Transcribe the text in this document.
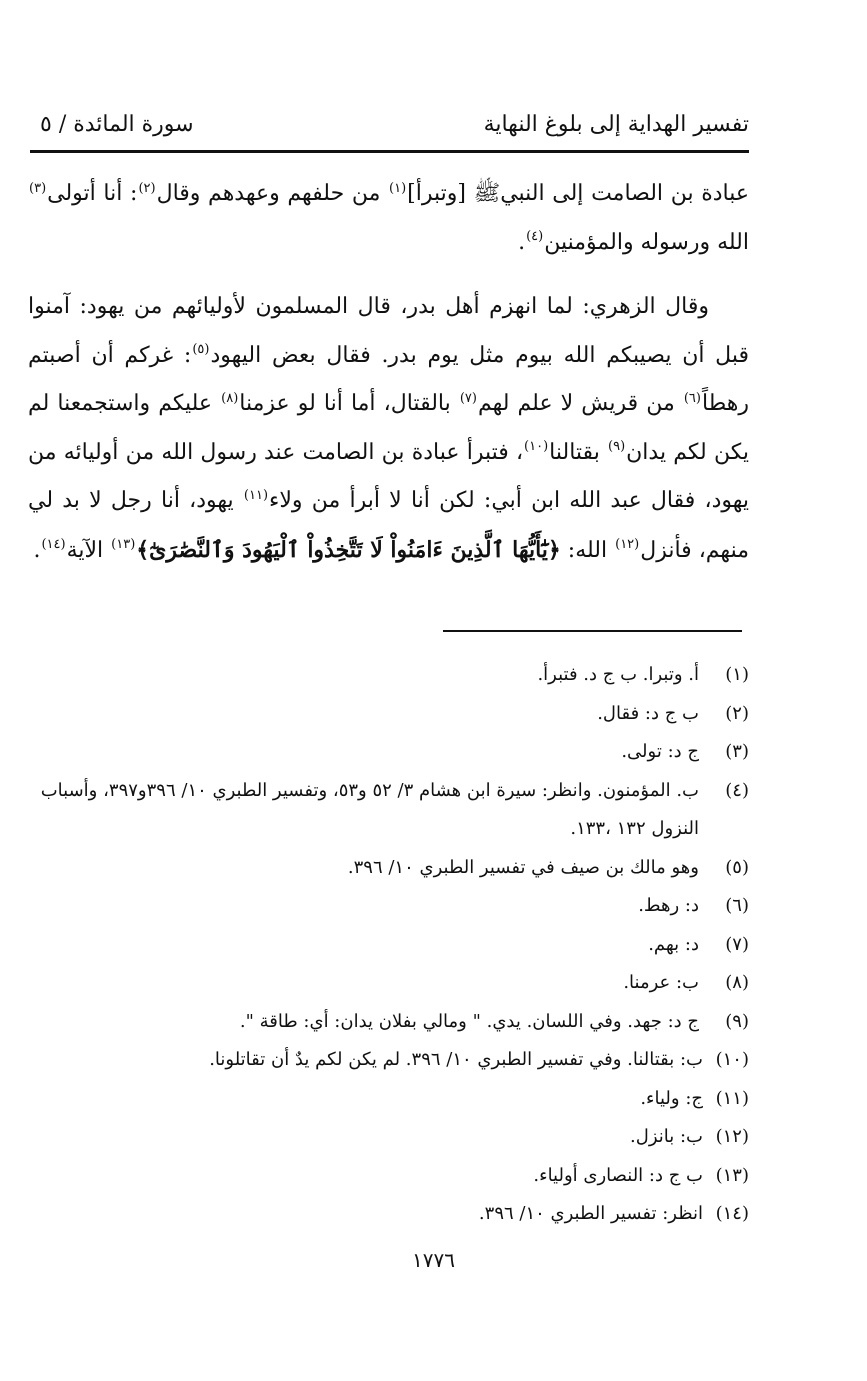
تفسير الهداية إلى بلوغ النهاية
سورة المائدة / ٥

عبادة بن الصامت إلى النبيﷺ [وتبرأ]$^{(١)}$ من حلفهم وعهدهم وقال$^{(٢)}$: أنا أتولى$^{(٣)}$ الله ورسوله والمؤمنين$^{(٤)}$.

وقال الزهري: لما انهزم أهل بدر، قال المسلمون لأوليائهم من يهود: آمنوا قبل أن يصيبكم الله بيوم مثل يوم بدر. فقال بعض اليهود$^{(٥)}$: غركم أن أصبتم رهطاً$^{(٦)}$ من قريش لا علم لهم$^{(٧)}$ بالقتال، أما أنا لو عزمنا$^{(٨)}$ عليكم واستجمعنا لم يكن لكم يدان$^{(٩)}$ بقتالنا$^{(١٠)}$، فتبرأ عبادة بن الصامت عند رسول الله من أوليائه من يهود، فقال عبد الله ابن أبي: لكن أنا لا أبرأ من ولاء$^{(١١)}$ يهود، أنا رجل لا بد لي منهم، فأنزل$^{(١٢)}$ الله: ﴿يَٰٓأَيُّهَا ٱلَّذِينَ ءَامَنُواْ لَا تَتَّخِذُواْ ٱلْيَهُودَ وَٱلنَّصَٰرَىٰٓ﴾$^{(١٣)}$ الآية$^{(١٤)}$.

(١)
أ. وتبرا. ب ج د. فتبرأ.

(٢)
ب ج د: فقال.

(٣)
ج د: تولى.

(٤)
ب. المؤمنون. وانظر: سيرة ابن هشام ٣/ ٥٢ و٥٣، وتفسير الطبري ١٠/ ٣٩٦و٣٩٧، وأسباب النزول ١٣٢ ،١٣٣.

(٥)
وهو مالك بن صيف في تفسير الطبري ١٠/ ٣٩٦.

(٦)
د: رهط.

(٧)
د: بهم.

(٨)
ب: عرمنا.

(٩)
ج د: جهد. وفي اللسان. يدي. " ومالي بفلان يدان: أي: طاقة ".

(١٠)
ب: بقتالنا. وفي تفسير الطبري ١٠/ ٣٩٦. لم يكن لكم يدٌ أن تقاتلونا.

(١١)
ج: ولياء.

(١٢)
ب: بانزل.

(١٣)
ب ج د: النصارى أولياء.

(١٤)
انظر: تفسير الطبري ١٠/ ٣٩٦.

١٧٧٦
